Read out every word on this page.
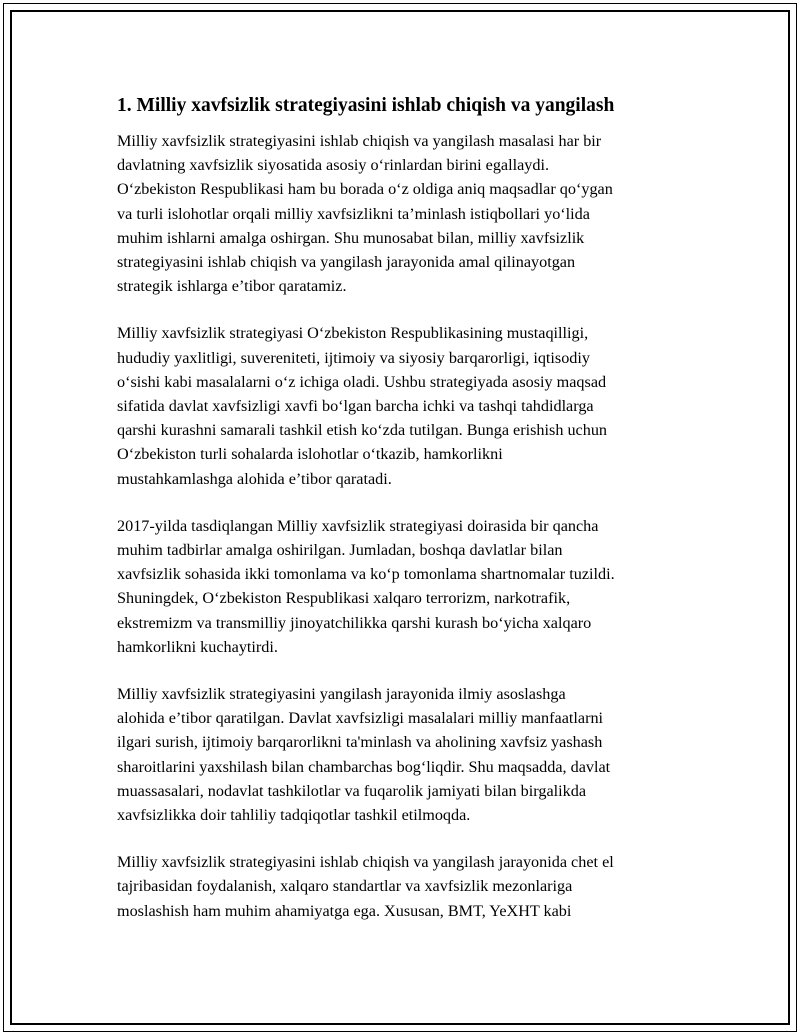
1. Milliy xavfsizlik strategiyasini ishlab chiqish va yangilash
Milliy xavfsizlik strategiyasini ishlab chiqish va yangilash masalasi har bir
davlatning xavfsizlik siyosatida asosiy o‘rinlardan birini egallaydi.
O‘zbekiston Respublikasi ham bu borada o‘z oldiga aniq maqsadlar qo‘ygan
va turli islohotlar orqali milliy xavfsizlikni ta’minlash istiqbollari yo‘lida
muhim ishlarni amalga oshirgan. Shu munosabat bilan, milliy xavfsizlik
strategiyasini ishlab chiqish va yangilash jarayonida amal qilinayotgan
strategik ishlarga e’tibor qaratamiz.
Milliy xavfsizlik strategiyasi O‘zbekiston Respublikasining mustaqilligi,
hududiy yaxlitligi, suvereniteti, ijtimoiy va siyosiy barqarorligi, iqtisodiy
o‘sishi kabi masalalarni o‘z ichiga oladi. Ushbu strategiyada asosiy maqsad
sifatida davlat xavfsizligi xavfi bo‘lgan barcha ichki va tashqi tahdidlarga
qarshi kurashni samarali tashkil etish ko‘zda tutilgan. Bunga erishish uchun
O‘zbekiston turli sohalarda islohotlar o‘tkazib, hamkorlikni
mustahkamlashga alohida e’tibor qaratadi.
2017-yilda tasdiqlangan Milliy xavfsizlik strategiyasi doirasida bir qancha
muhim tadbirlar amalga oshirilgan. Jumladan, boshqa davlatlar bilan
xavfsizlik sohasida ikki tomonlama va ko‘p tomonlama shartnomalar tuzildi.
Shuningdek, O‘zbekiston Respublikasi xalqaro terrorizm, narkotrafik,
ekstremizm va transmilliy jinoyatchilikka qarshi kurash bo‘yicha xalqaro
hamkorlikni kuchaytirdi.
Milliy xavfsizlik strategiyasini yangilash jarayonida ilmiy asoslashga
alohida e’tibor qaratilgan. Davlat xavfsizligi masalalari milliy manfaatlarni
ilgari surish, ijtimoiy barqarorlikni ta'minlash va aholining xavfsiz yashash
sharoitlarini yaxshilash bilan chambarchas bog‘liqdir. Shu maqsadda, davlat
muassasalari, nodavlat tashkilotlar va fuqarolik jamiyati bilan birgalikda
xavfsizlikka doir tahliliy tadqiqotlar tashkil etilmoqda.
Milliy xavfsizlik strategiyasini ishlab chiqish va yangilash jarayonida chet el
tajribasidan foydalanish, xalqaro standartlar va xavfsizlik mezonlariga
moslashish ham muhim ahamiyatga ega. Xususan, BMT, YeXHT kabi
